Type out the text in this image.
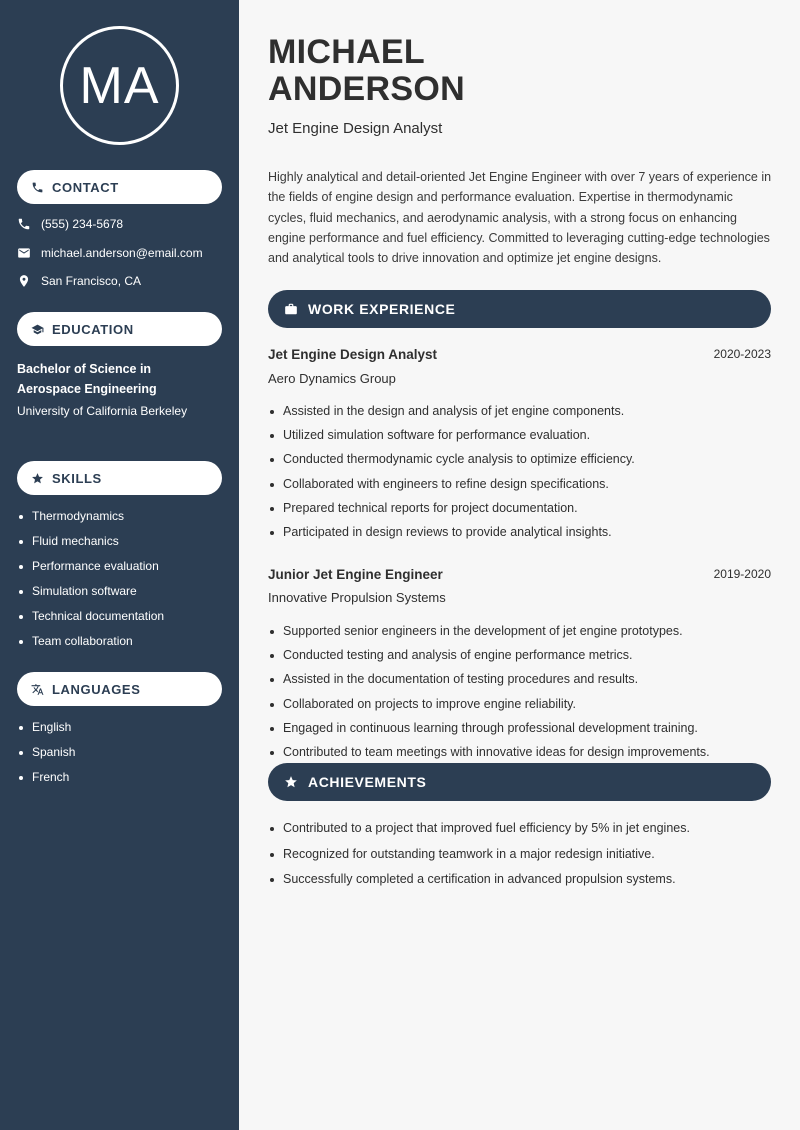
MA
CONTACT
(555) 234-5678
michael.anderson@email.com
San Francisco, CA
EDUCATION
Bachelor of Science in Aerospace Engineering
University of California Berkeley
SKILLS
Thermodynamics
Fluid mechanics
Performance evaluation
Simulation software
Technical documentation
Team collaboration
LANGUAGES
English
Spanish
French
MICHAEL
ANDERSON
Jet Engine Design Analyst

Highly analytical and detail-oriented Jet Engine Engineer with over 7 years of experience in the fields of engine design and performance evaluation. Expertise in thermodynamic cycles, fluid mechanics, and aerodynamic analysis, with a strong focus on enhancing engine performance and fuel efficiency. Committed to leveraging cutting-edge technologies and analytical tools to drive innovation and optimize jet engine designs.

WORK EXPERIENCE
Jet Engine Design Analyst	2020-2023
Aero Dynamics Group
Assisted in the design and analysis of jet engine components.
Utilized simulation software for performance evaluation.
Conducted thermodynamic cycle analysis to optimize efficiency.
Collaborated with engineers to refine design specifications.
Prepared technical reports for project documentation.
Participated in design reviews to provide analytical insights.
Junior Jet Engine Engineer	2019-2020
Innovative Propulsion Systems
Supported senior engineers in the development of jet engine prototypes.
Conducted testing and analysis of engine performance metrics.
Assisted in the documentation of testing procedures and results.
Collaborated on projects to improve engine reliability.
Engaged in continuous learning through professional development training.
Contributed to team meetings with innovative ideas for design improvements.
ACHIEVEMENTS
Contributed to a project that improved fuel efficiency by 5% in jet engines.
Recognized for outstanding teamwork in a major redesign initiative.
Successfully completed a certification in advanced propulsion systems.
